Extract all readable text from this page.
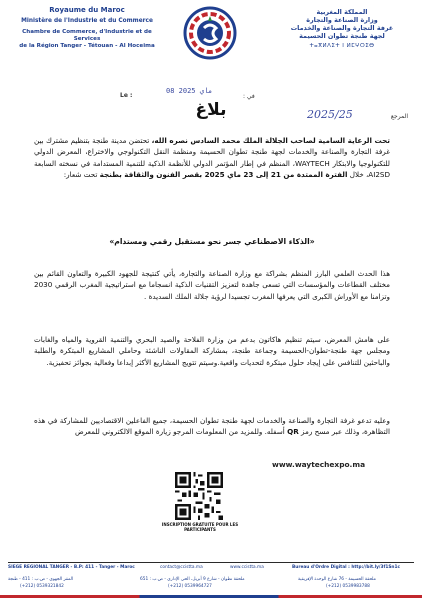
Royaume du Maroc
Ministère de l'Industrie et du Commerce
Chambre de Commerce, d'Industrie et de Services
de la Région Tanger - Tétouan - Al Hoceima
المملكة المغربية
وزارة الصناعة والتجارة
غرفة التجارة والصناعة والخدمات
لجهة طنجة تطوان الحسيمة
ⵜⴰⴳⵍⴷⵉⵜ ⵏ ⵍⵎⵖⵔⵉⴱ
Le :
08 ماي 2025
في :
2025/25	المرجع
بلاغ
تحت الرعاية السامية لصاحب الجلالة الملك محمد السادس نصره الله، تحتضن مدينة طنجة بتنظيم مشترك بين غرفة التجارة والصناعة والخدمات لجهة طنجة تطوان الحسيمة ومنظمة النقل التكنولوجي والاختراع، المعرض الدولي للتكنولوجيا والابتكار WAYTECH، المنظم في إطار المؤتمر الدولي للأنظمة الذكية للتنمية المستدامة في نسخته السابعة AI2SD، خلال الفترة الممتدة من 21 إلى 23 ماي 2025 بقصر الفنون والثقافة بطنجة تحت شعار:
«الذكاء الاصطناعي جسر نحو مستقبل رقمي ومستدام»
هذا الحدث العلمي البارز المنظم بشراكة مع وزارة الصناعة والتجارة، يأتي كنتيجة للجهود الكبيرة والتعاون القائم بين مختلف القطاعات والمؤسسات التي تسعى جاهدة لتعزيز التقنيات الذكية انسجاما مع استراتيجية المغرب الرقمي 2030 وتزامنا مع الأوراش الكبرى التي يعرفها المغرب تجسيدا لرؤية جلالة الملك السديدة .
على هامش المعرض، سيتم تنظيم هاكاتون بدعم من وزارة الفلاحة والصيد البحري والتنمية القروية والمياه والغابات ومجلس جهة طنجة-تطوان-الحسيمة وجماعة طنجة، بمشاركة المقاولات الناشئة وحاملي المشاريع المبتكرة والطلبة والباحثين للتنافس على إيجاد حلول مبتكرة لتحديات واقعية.وسيتم تتويج المشاريع الأكثر إبداعا وفعالية بجوائز تحفيزية.
وعليه تدعو غرفة التجارة والصناعة والخدمات لجهة طنجة تطوان الحسيمة، جميع الفاعلين الاقتصاديين للمشاركة في هذه التظاهرة، وذلك عبر مسح رمز QR أسفله. وللمزيد من المعلومات المرجو زيارة الموقع الالكتروني للمعرض
www.waytechexpo.ma
INSCRIPTION GRATUITE POUR LES PARTICIPANTS
SIEGE REGIONAL TANGER - B.P: 411 - Tanger - Maroc	contact@ccistta.ma	www.ccistta.ma	Bureau d'Ordre Digital : http://bit.ly/3f1Sn1c
المقر الجهوي - ص.ب : 411 - طنجة
(+212) 0539321842
ملحقة تطوان - شارع 9 أبريل، الحي الإداري - ص.ب : 651
(+212) 0539964727
ملحقة الحسيمة - 76 شارع الوحدة الإفريقية
(+212) 0539983788
